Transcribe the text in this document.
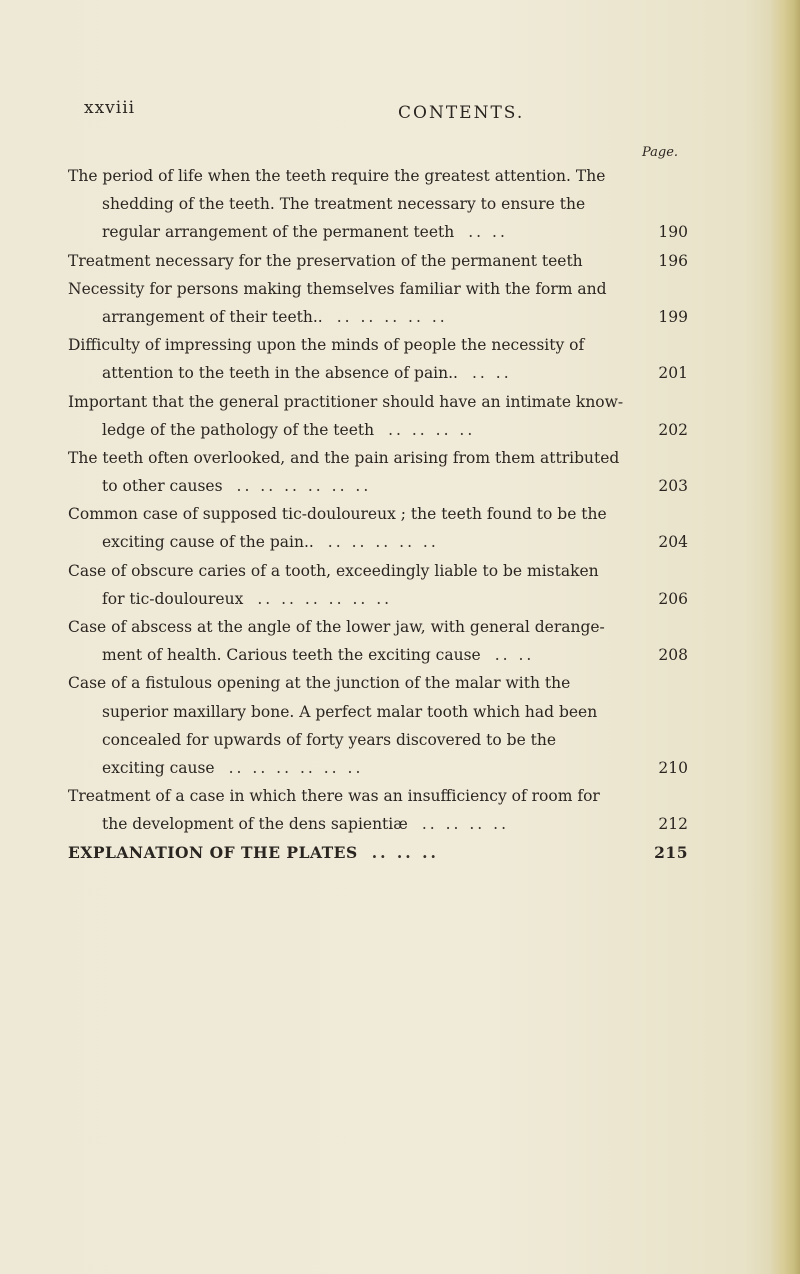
xxviii	CONTENTS.
Page.
The period of life when the teeth require the greatest attention. The
shedding of the teeth. The treatment necessary to ensure the
regular arrangement of the permanent teeth .. ..	190
Treatment necessary for the preservation of the permanent teeth	196
Necessity for persons making themselves familiar with the form and
arrangement of their teeth.. .. .. .. .. ..	199
Difficulty of impressing upon the minds of people the necessity of
attention to the teeth in the absence of pain.. .. ..	201
Important that the general practitioner should have an intimate know-
ledge of the pathology of the teeth .. .. .. ..	202
The teeth often overlooked, and the pain arising from them attributed
to other causes .. .. .. .. .. ..	203
Common case of supposed tic-douloureux ; the teeth found to be the
exciting cause of the pain.. .. .. .. .. ..	204
Case of obscure caries of a tooth, exceedingly liable to be mistaken
for tic-douloureux .. .. .. .. .. ..	206
Case of abscess at the angle of the lower jaw, with general derange-
ment of health. Carious teeth the exciting cause .. ..	208
Case of a fistulous opening at the junction of the malar with the
superior maxillary bone. A perfect malar tooth which had been
concealed for upwards of forty years discovered to be the
exciting cause .. .. .. .. .. ..	210
Treatment of a case in which there was an insufficiency of room for
the development of the dens sapientiæ .. .. .. ..	212
EXPLANATION OF THE PLATES .. .. ..	215
